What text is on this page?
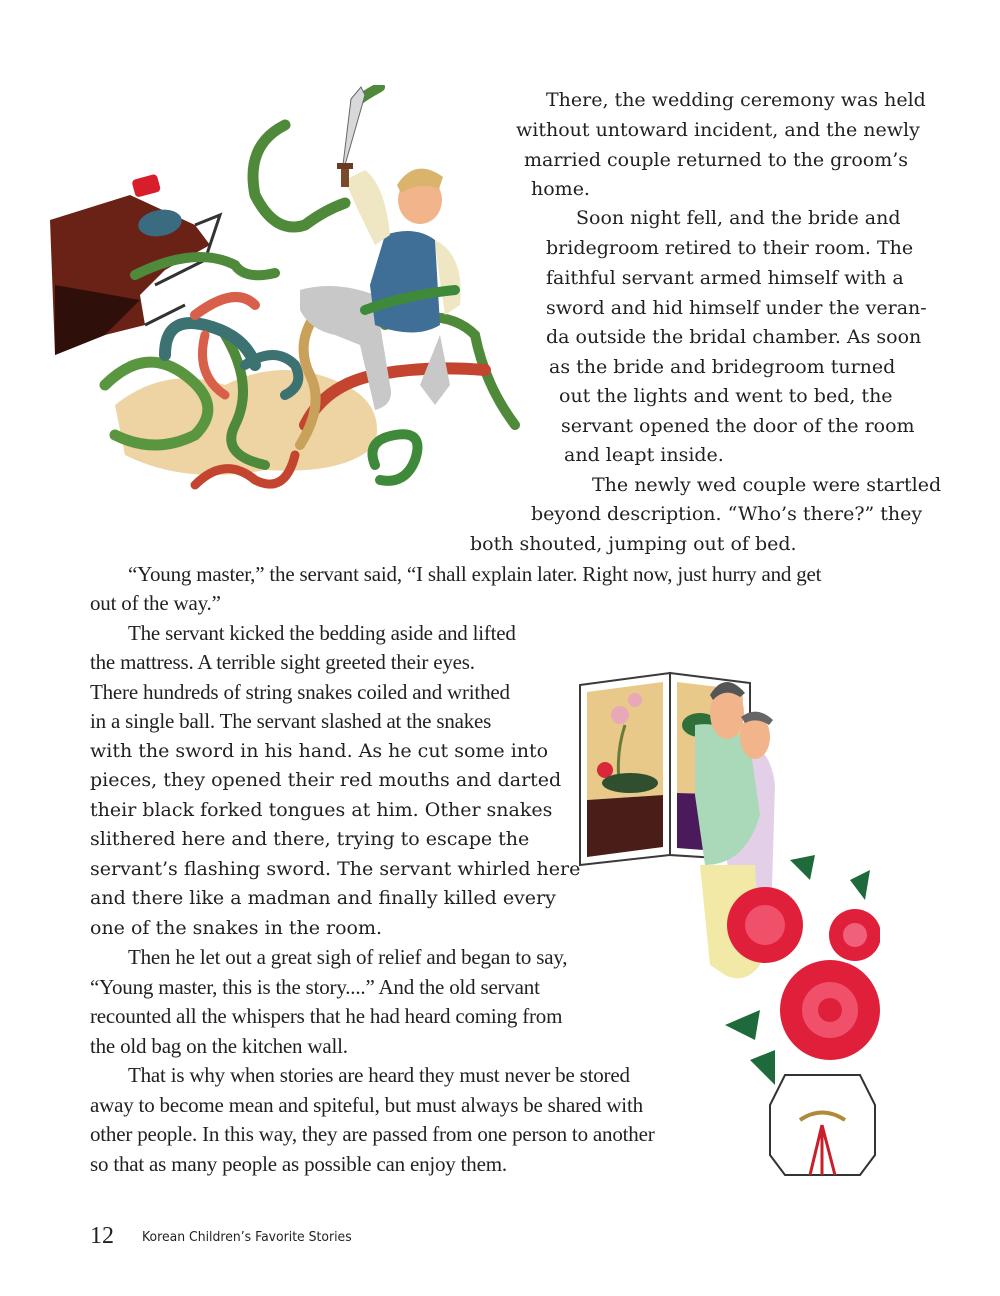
There, the wedding ceremony was held
without untoward incident, and the newly
married couple returned to the groom’s
home.
Soon night fell, and the bride and
bridegroom retired to their room. The
faithful servant armed himself with a
sword and hid himself under the veran-
da outside the bridal chamber. As soon
as the bride and bridegroom turned
out the lights and went to bed, the
servant opened the door of the room
and leapt inside.
The newly wed couple were startled
beyond description. “Who’s there?” they
both shouted, jumping out of bed.
“Young master,” the servant said, “I shall explain later. Right now, just hurry and get
out of the way.”
The servant kicked the bedding aside and lifted
the mattress. A terrible sight greeted their eyes.
There hundreds of string snakes coiled and writhed
in a single ball. The servant slashed at the snakes
with the sword in his hand. As he cut some into
pieces, they opened their red mouths and darted
their black forked tongues at him. Other snakes
slithered here and there, trying to escape the
servant’s flashing sword. The servant whirled here
and there like a madman and finally killed every
one of the snakes in the room.
Then he let out a great sigh of relief and began to say,
“Young master, this is the story....” And the old servant
recounted all the whispers that he had heard coming from
the old bag on the kitchen wall.
That is why when stories are heard they must never be stored
away to become mean and spiteful, but must always be shared with
other people. In this way, they are passed from one person to another
so that as many people as possible can enjoy them.
12 Korean Children’s Favorite Stories
